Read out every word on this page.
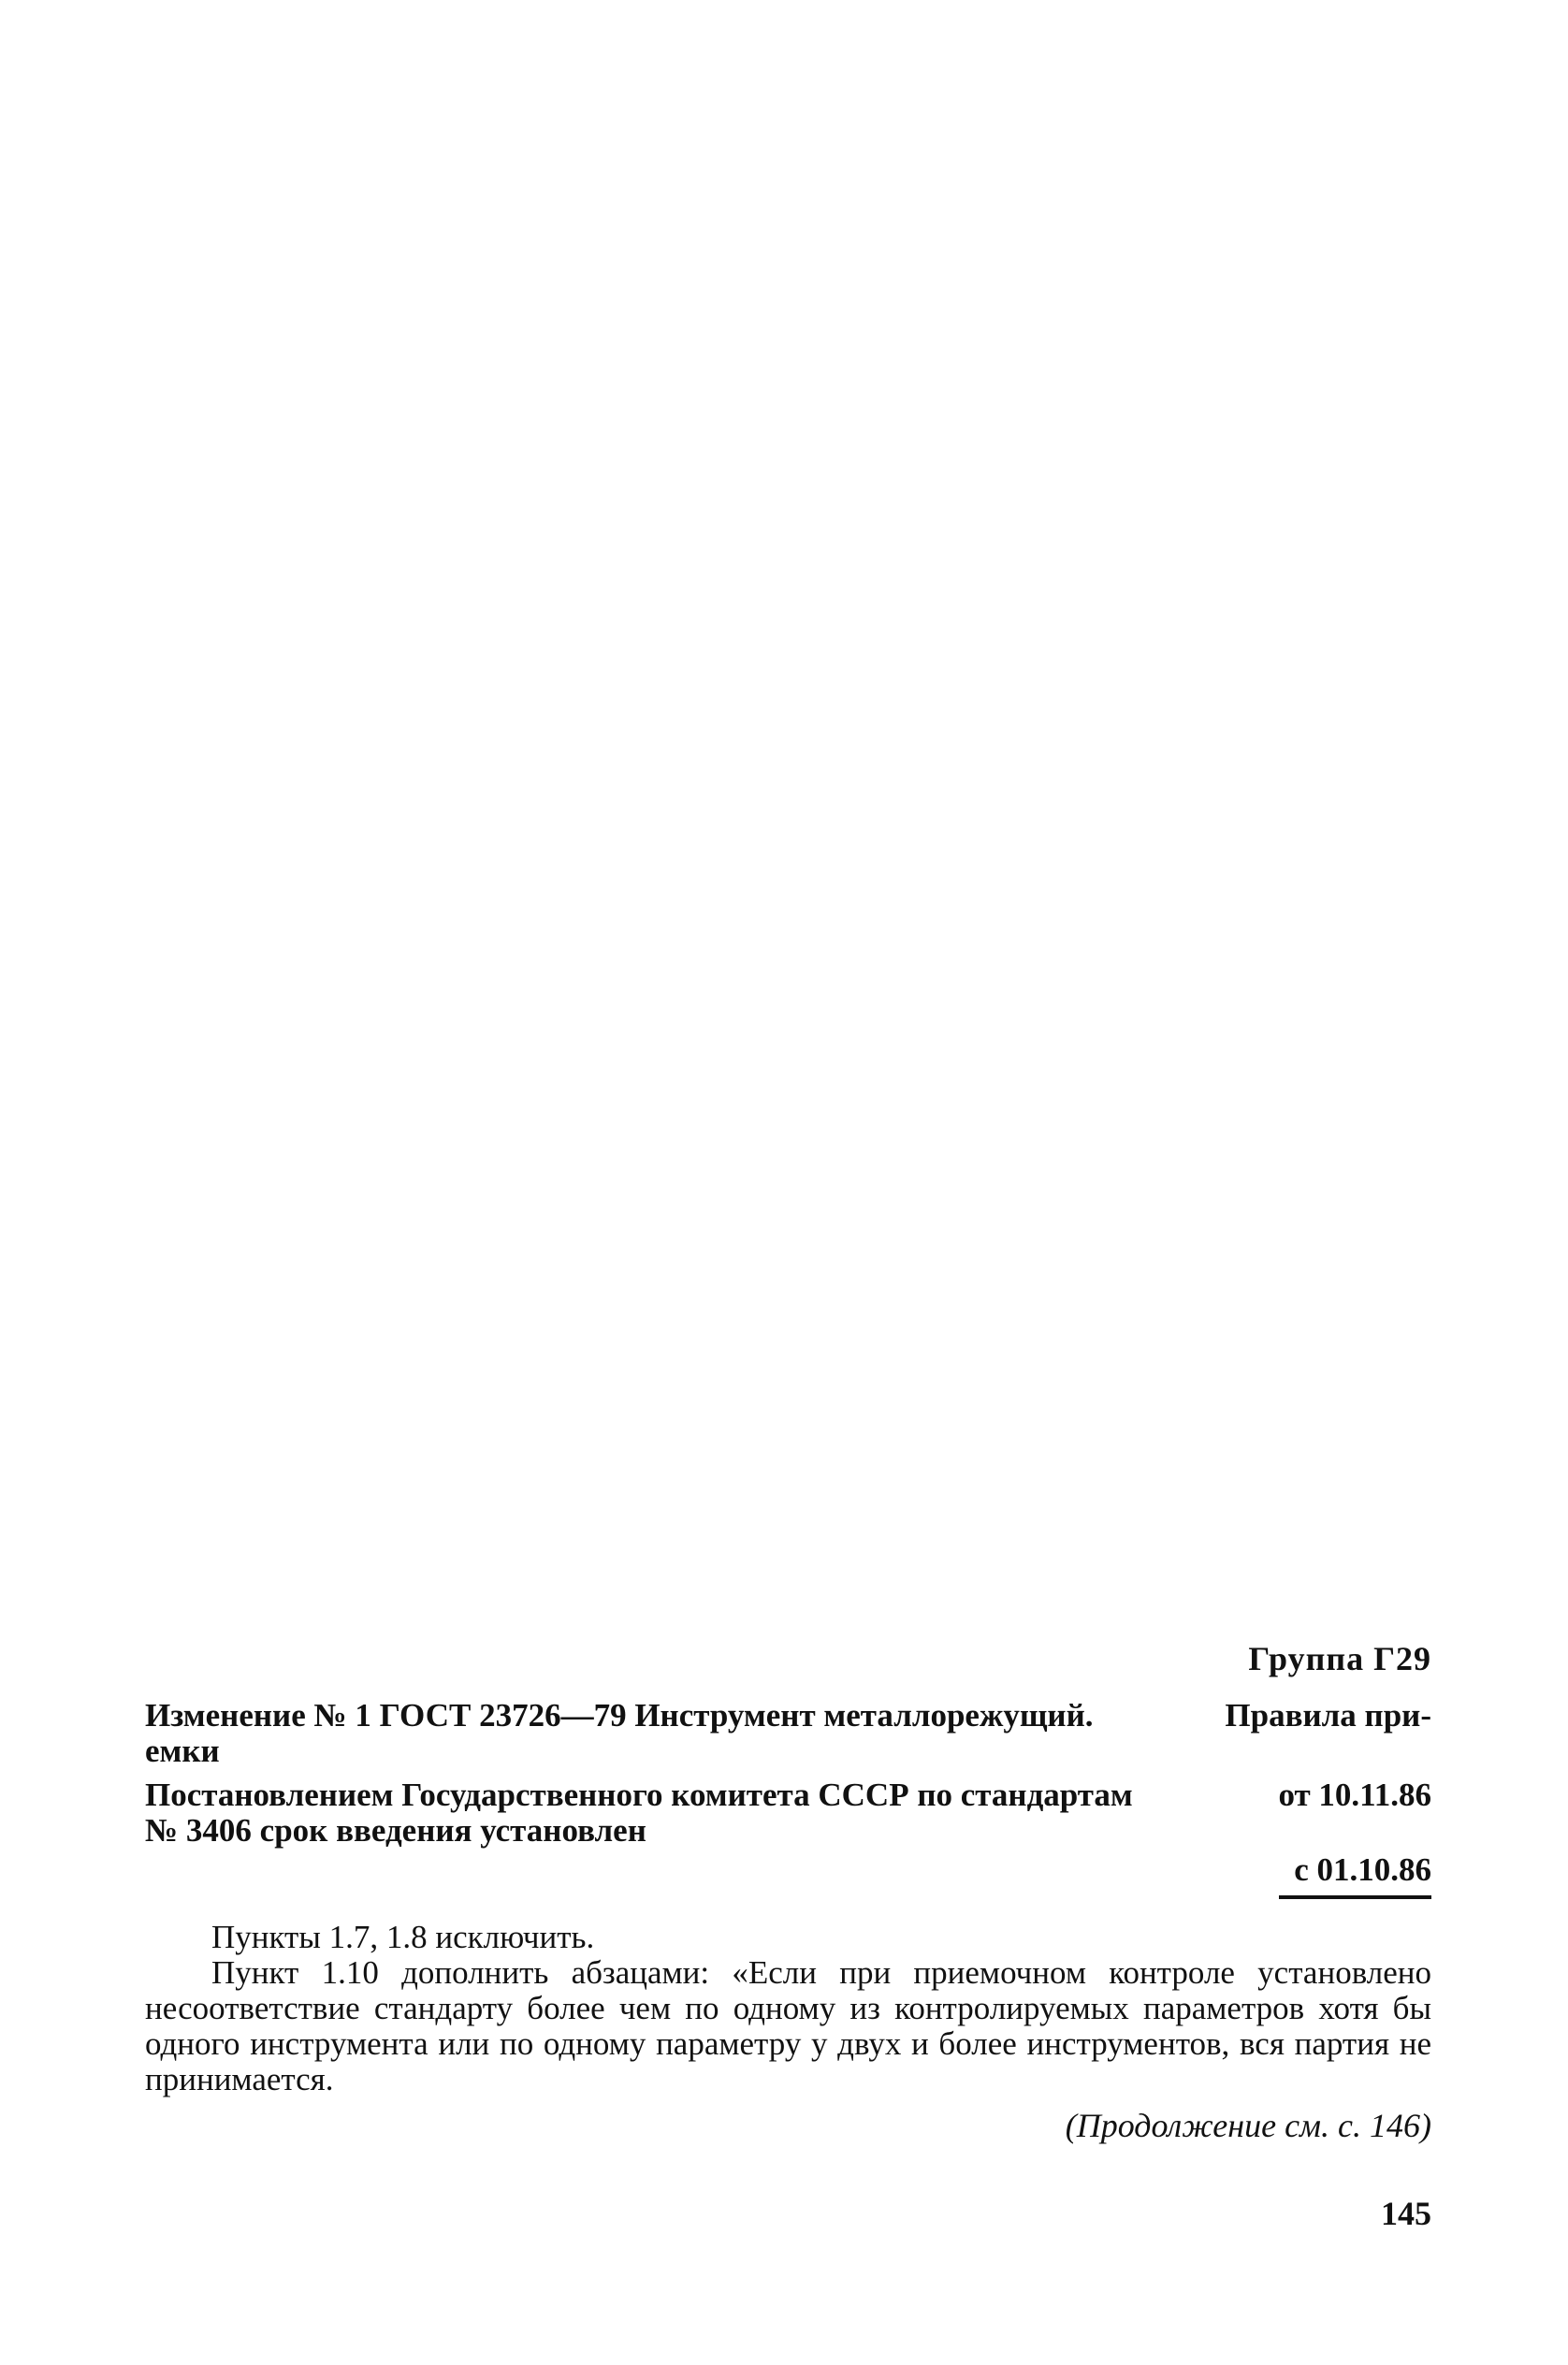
Группа Г29
Изменение № 1 ГОСТ 23726—79 Инструмент металлорежущий.	Правила при-
емки
Постановлением Государственного комитета СССР по стандартам	от 10.11.86
№ 3406 срок введения установлен
с 01.10.86

Пункты 1.7, 1.8 исключить.

Пункт 1.10 дополнить абзацами: «Если при приемочном контроле установлено несоответствие стандарту более чем по одному из контролируемых параметров хотя бы одного инструмента или по одному параметру у двух и более инструментов, вся партия не принимается.

(Продолжение см. с. 146)
145
